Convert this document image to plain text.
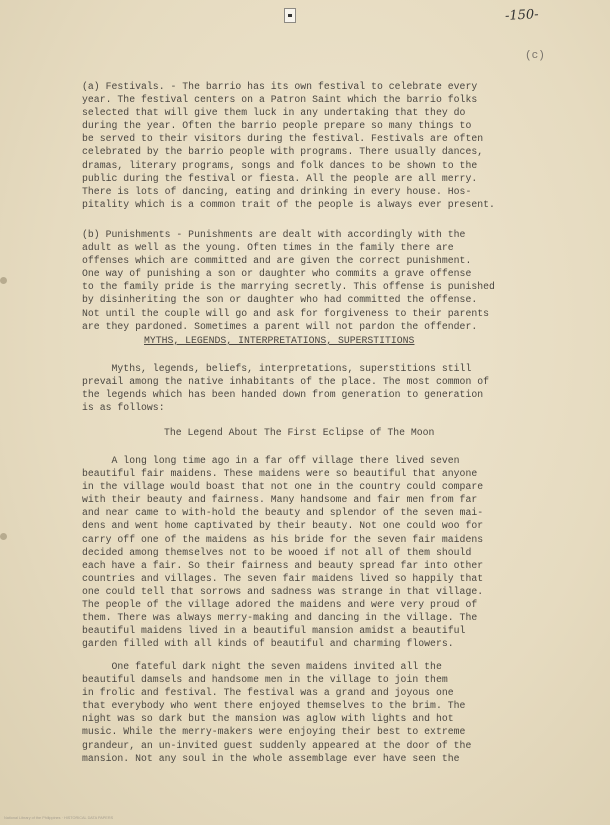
-150-
(c)
(a) Festivals. - The barrio has its own festival to celebrate every
year. The festival centers on a Patron Saint which the barrio folks
selected that will give them luck in any undertaking that they do
during the year. Often the barrio people prepare so many things to
be served to their visitors during the festival. Festivals are often
celebrated by the barrio people with programs. There usually dances,
dramas, literary programs, songs and folk dances to be shown to the
public during the festival or fiesta. All the people are all merry.
There is lots of dancing, eating and drinking in every house. Hos-
pitality which is a common trait of the people is always ever present.
(b) Punishments - Punishments are dealt with accordingly with the
adult as well as the young. Often times in the family there are
offenses which are committed and are given the correct punishment.
One way of punishing a son or daughter who commits a grave offense
to the family pride is the marrying secretly. This offense is punished
by disinheriting the son or daughter who had committed the offense.
Not until the couple will go and ask for forgiveness to their parents
are they pardoned. Sometimes a parent will not pardon the offender.
MYTHS, LEGENDS, INTERPRETATIONS, SUPERSTITIONS
Myths, legends, beliefs, interpretations, superstitions still
prevail among the native inhabitants of the place. The most common of
the legends which has been handed down from generation to generation
is as follows:
The Legend About The First Eclipse of The Moon
A long long time ago in a far off village there lived seven
beautiful fair maidens. These maidens were so beautiful that anyone
in the village would boast that not one in the country could compare
with their beauty and fairness. Many handsome and fair men from far
and near came to with-hold the beauty and splendor of the seven mai-
dens and went home captivated by their beauty. Not one could woo for
carry off one of the maidens as his bride for the seven fair maidens
decided among themselves not to be wooed if not all of them should
each have a fair. So their fairness and beauty spread far into other
countries and villages. The seven fair maidens lived so happily that
one could tell that sorrows and sadness was strange in that village.
The people of the village adored the maidens and were very proud of
them. There was always merry-making and dancing in the village. The
beautiful maidens lived in a beautiful mansion amidst a beautiful
garden filled with all kinds of beautiful and charming flowers.
One fateful dark night the seven maidens invited all the
beautiful damsels and handsome men in the village to join them
in frolic and festival. The festival was a grand and joyous one
that everybody who went there enjoyed themselves to the brim. The
night was so dark but the mansion was aglow with lights and hot
music. While the merry-makers were enjoying their best to extreme
grandeur, an un-invited guest suddenly appeared at the door of the
mansion. Not any soul in the whole assemblage ever have seen the
National Library of the Philippines · HISTORICAL DATA PAPERS
